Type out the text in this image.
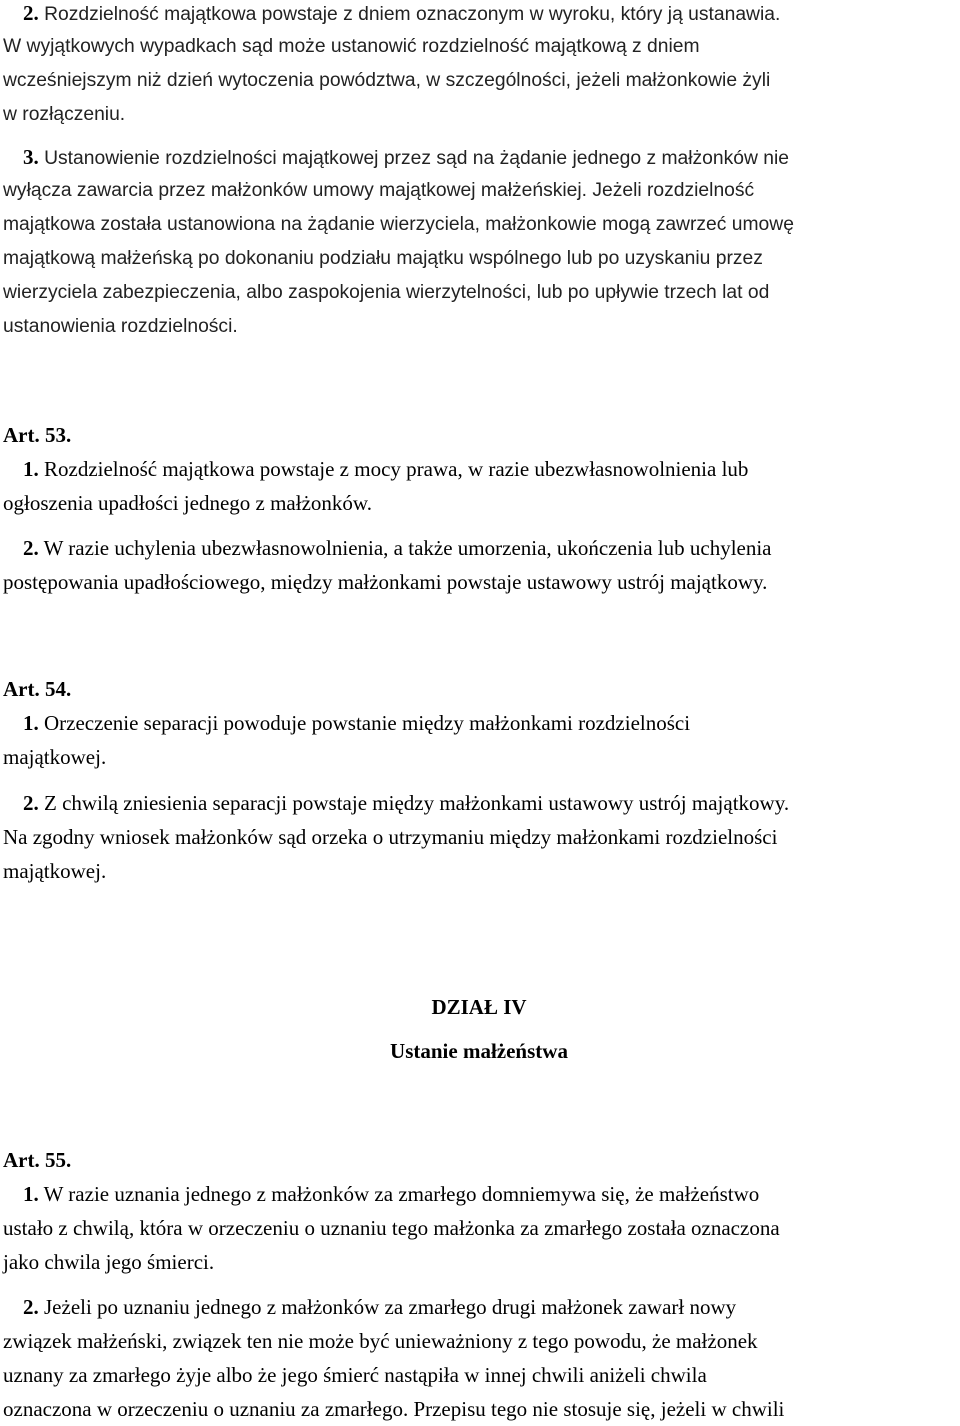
2. Rozdzielność majątkowa powstaje z dniem oznaczonym w wyroku, który ją ustanawia.
W wyjątkowych wypadkach sąd może ustanowić rozdzielność majątkową z dniem
wcześniejszym niż dzień wytoczenia powództwa, w szczególności, jeżeli małżonkowie żyli
w rozłączeniu.
3. Ustanowienie rozdzielności majątkowej przez sąd na żądanie jednego z małżonków nie
wyłącza zawarcia przez małżonków umowy majątkowej małżeńskiej. Jeżeli rozdzielność
majątkowa została ustanowiona na żądanie wierzyciela, małżonkowie mogą zawrzeć umowę
majątkową małżeńską po dokonaniu podziału majątku wspólnego lub po uzyskaniu przez
wierzyciela zabezpieczenia, albo zaspokojenia wierzytelności, lub po upływie trzech lat od
ustanowienia rozdzielności.
Art. 53.
1. Rozdzielność majątkowa powstaje z mocy prawa, w razie ubezwłasnowolnienia lub
ogłoszenia upadłości jednego z małżonków.
2. W razie uchylenia ubezwłasnowolnienia, a także umorzenia, ukończenia lub uchylenia
postępowania upadłościowego, między małżonkami powstaje ustawowy ustrój majątkowy.
Art. 54.
1. Orzeczenie separacji powoduje powstanie między małżonkami rozdzielności
majątkowej.
2. Z chwilą zniesienia separacji powstaje między małżonkami ustawowy ustrój majątkowy.
Na zgodny wniosek małżonków sąd orzeka o utrzymaniu między małżonkami rozdzielności
majątkowej.
DZIAŁ IV
Ustanie małżeństwa
Art. 55.
1. W razie uznania jednego z małżonków za zmarłego domniemywa się, że małżeństwo
ustało z chwilą, która w orzeczeniu o uznaniu tego małżonka za zmarłego została oznaczona
jako chwila jego śmierci.
2. Jeżeli po uznaniu jednego z małżonków za zmarłego drugi małżonek zawarł nowy
związek małżeński, związek ten nie może być unieważniony z tego powodu, że małżonek
uznany za zmarłego żyje albo że jego śmierć nastąpiła w innej chwili aniżeli chwila
oznaczona w orzeczeniu o uznaniu za zmarłego. Przepisu tego nie stosuje się, jeżeli w chwili
